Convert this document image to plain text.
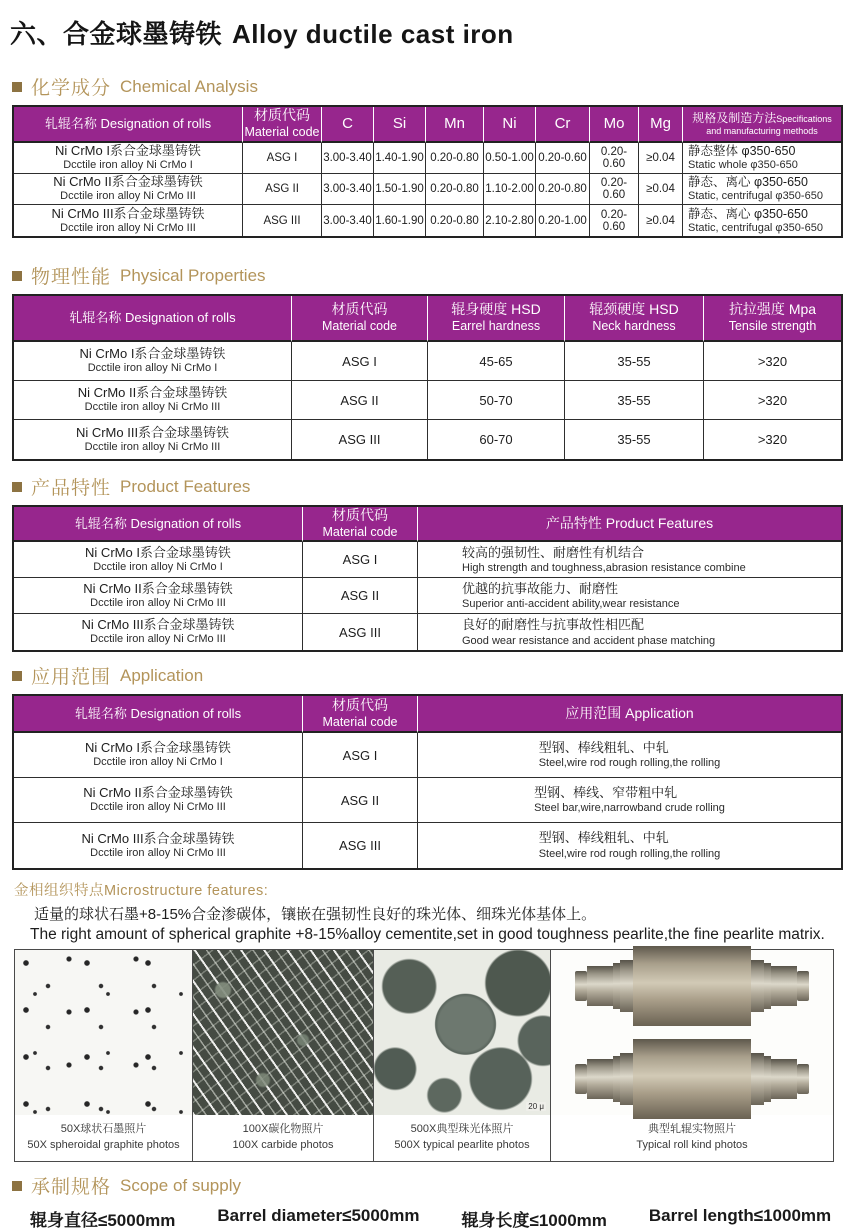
六、合金球墨铸铁 Alloy ductile cast iron
化学成分 Chemical Analysis
轧辊名称 Designation of rolls	材质代码
Material code	C	Si	Mn	Ni	Cr	Mo	Mg	规格及制造方法Specifications
and manufacturing methods

Ni CrMo I系合金球墨铸铁
Dcctile iron alloy Ni CrMo I	ASG I	3.00-3.40	1.40-1.90	0.20-0.80	0.50-1.00	0.20-0.60	0.20-0.60	≥0.04	静态整体 φ350-650
Static whole φ350-650

Ni CrMo II系合金球墨铸铁
Dcctile iron alloy Ni CrMo III	ASG II	3.00-3.40	1.50-1.90	0.20-0.80	1.10-2.00	0.20-0.80	0.20-0.60	≥0.04	静态、离心 φ350-650
Static, centrifugal φ350-650

Ni CrMo III系合金球墨铸铁
Dcctile iron alloy Ni CrMo III	ASG III	3.00-3.40	1.60-1.90	0.20-0.80	2.10-2.80	0.20-1.00	0.20-0.60	≥0.04	静态、离心 φ350-650
Static, centrifugal φ350-650
物理性能 Physical Properties
轧辊名称 Designation of rolls	材质代码
Material code	辊身硬度 HSD
Earrel hardness	辊颈硬度 HSD
Neck hardness	抗拉强度 Mpa
Tensile strength

Ni CrMo I系合金球墨铸铁
Dcctile iron alloy Ni CrMo I	ASG I	45-65	35-55	>320

Ni CrMo II系合金球墨铸铁
Dcctile iron alloy Ni CrMo III	ASG II	50-70	35-55	>320

Ni CrMo III系合金球墨铸铁
Dcctile iron alloy Ni CrMo III	ASG III	60-70	35-55	>320
产品特性 Product Features
轧辊名称 Designation of rolls	材质代码
Material code	产品特性 Product Features

Ni CrMo I系合金球墨铸铁
Dcctile iron alloy Ni CrMo I	ASG I	较高的强韧性、耐磨性有机结合
High strength and toughness,abrasion resistance combine

Ni CrMo II系合金球墨铸铁
Dcctile iron alloy Ni CrMo III	ASG II	优越的抗事故能力、耐磨性
Superior anti-accident ability,wear resistance

Ni CrMo III系合金球墨铸铁
Dcctile iron alloy Ni CrMo III	ASG III	良好的耐磨性与抗事故性相匹配
Good wear resistance and accident phase matching
应用范围 Application
轧辊名称 Designation of rolls	材质代码
Material code	应用范围 Application

Ni CrMo I系合金球墨铸铁
Dcctile iron alloy Ni CrMo I	ASG I	型钢、棒线粗轧、中轧
Steel,wire rod rough rolling,the rolling

Ni CrMo II系合金球墨铸铁
Dcctile iron alloy Ni CrMo III	ASG II	型钢、棒线、窄带粗中轧
Steel bar,wire,narrowband crude rolling

Ni CrMo III系合金球墨铸铁
Dcctile iron alloy Ni CrMo III	ASG III	型钢、棒线粗轧、中轧
Steel,wire rod rough rolling,the rolling
金相组织特点Microstructure features:
适量的球状石墨+8-15%合金渗碳体，镶嵌在强韧性良好的珠光体、细珠光体基体上。
The right amount of spherical graphite +8-15%alloy cementite,set in good toughness pearlite,the fine pearlite matrix.
50X球状石墨照片
50X spheroidal graphite photos
100X碳化物照片
100X carbide photos
20 μ
500X典型珠光体照片
500X typical pearlite photos
典型轧辊实物照片
Typical roll kind photos
承制规格 Scope of supply
辊身直径≤5000mm Barrel diameter≤5000mm 辊身长度≤1000mm Barrel length≤1000mm
